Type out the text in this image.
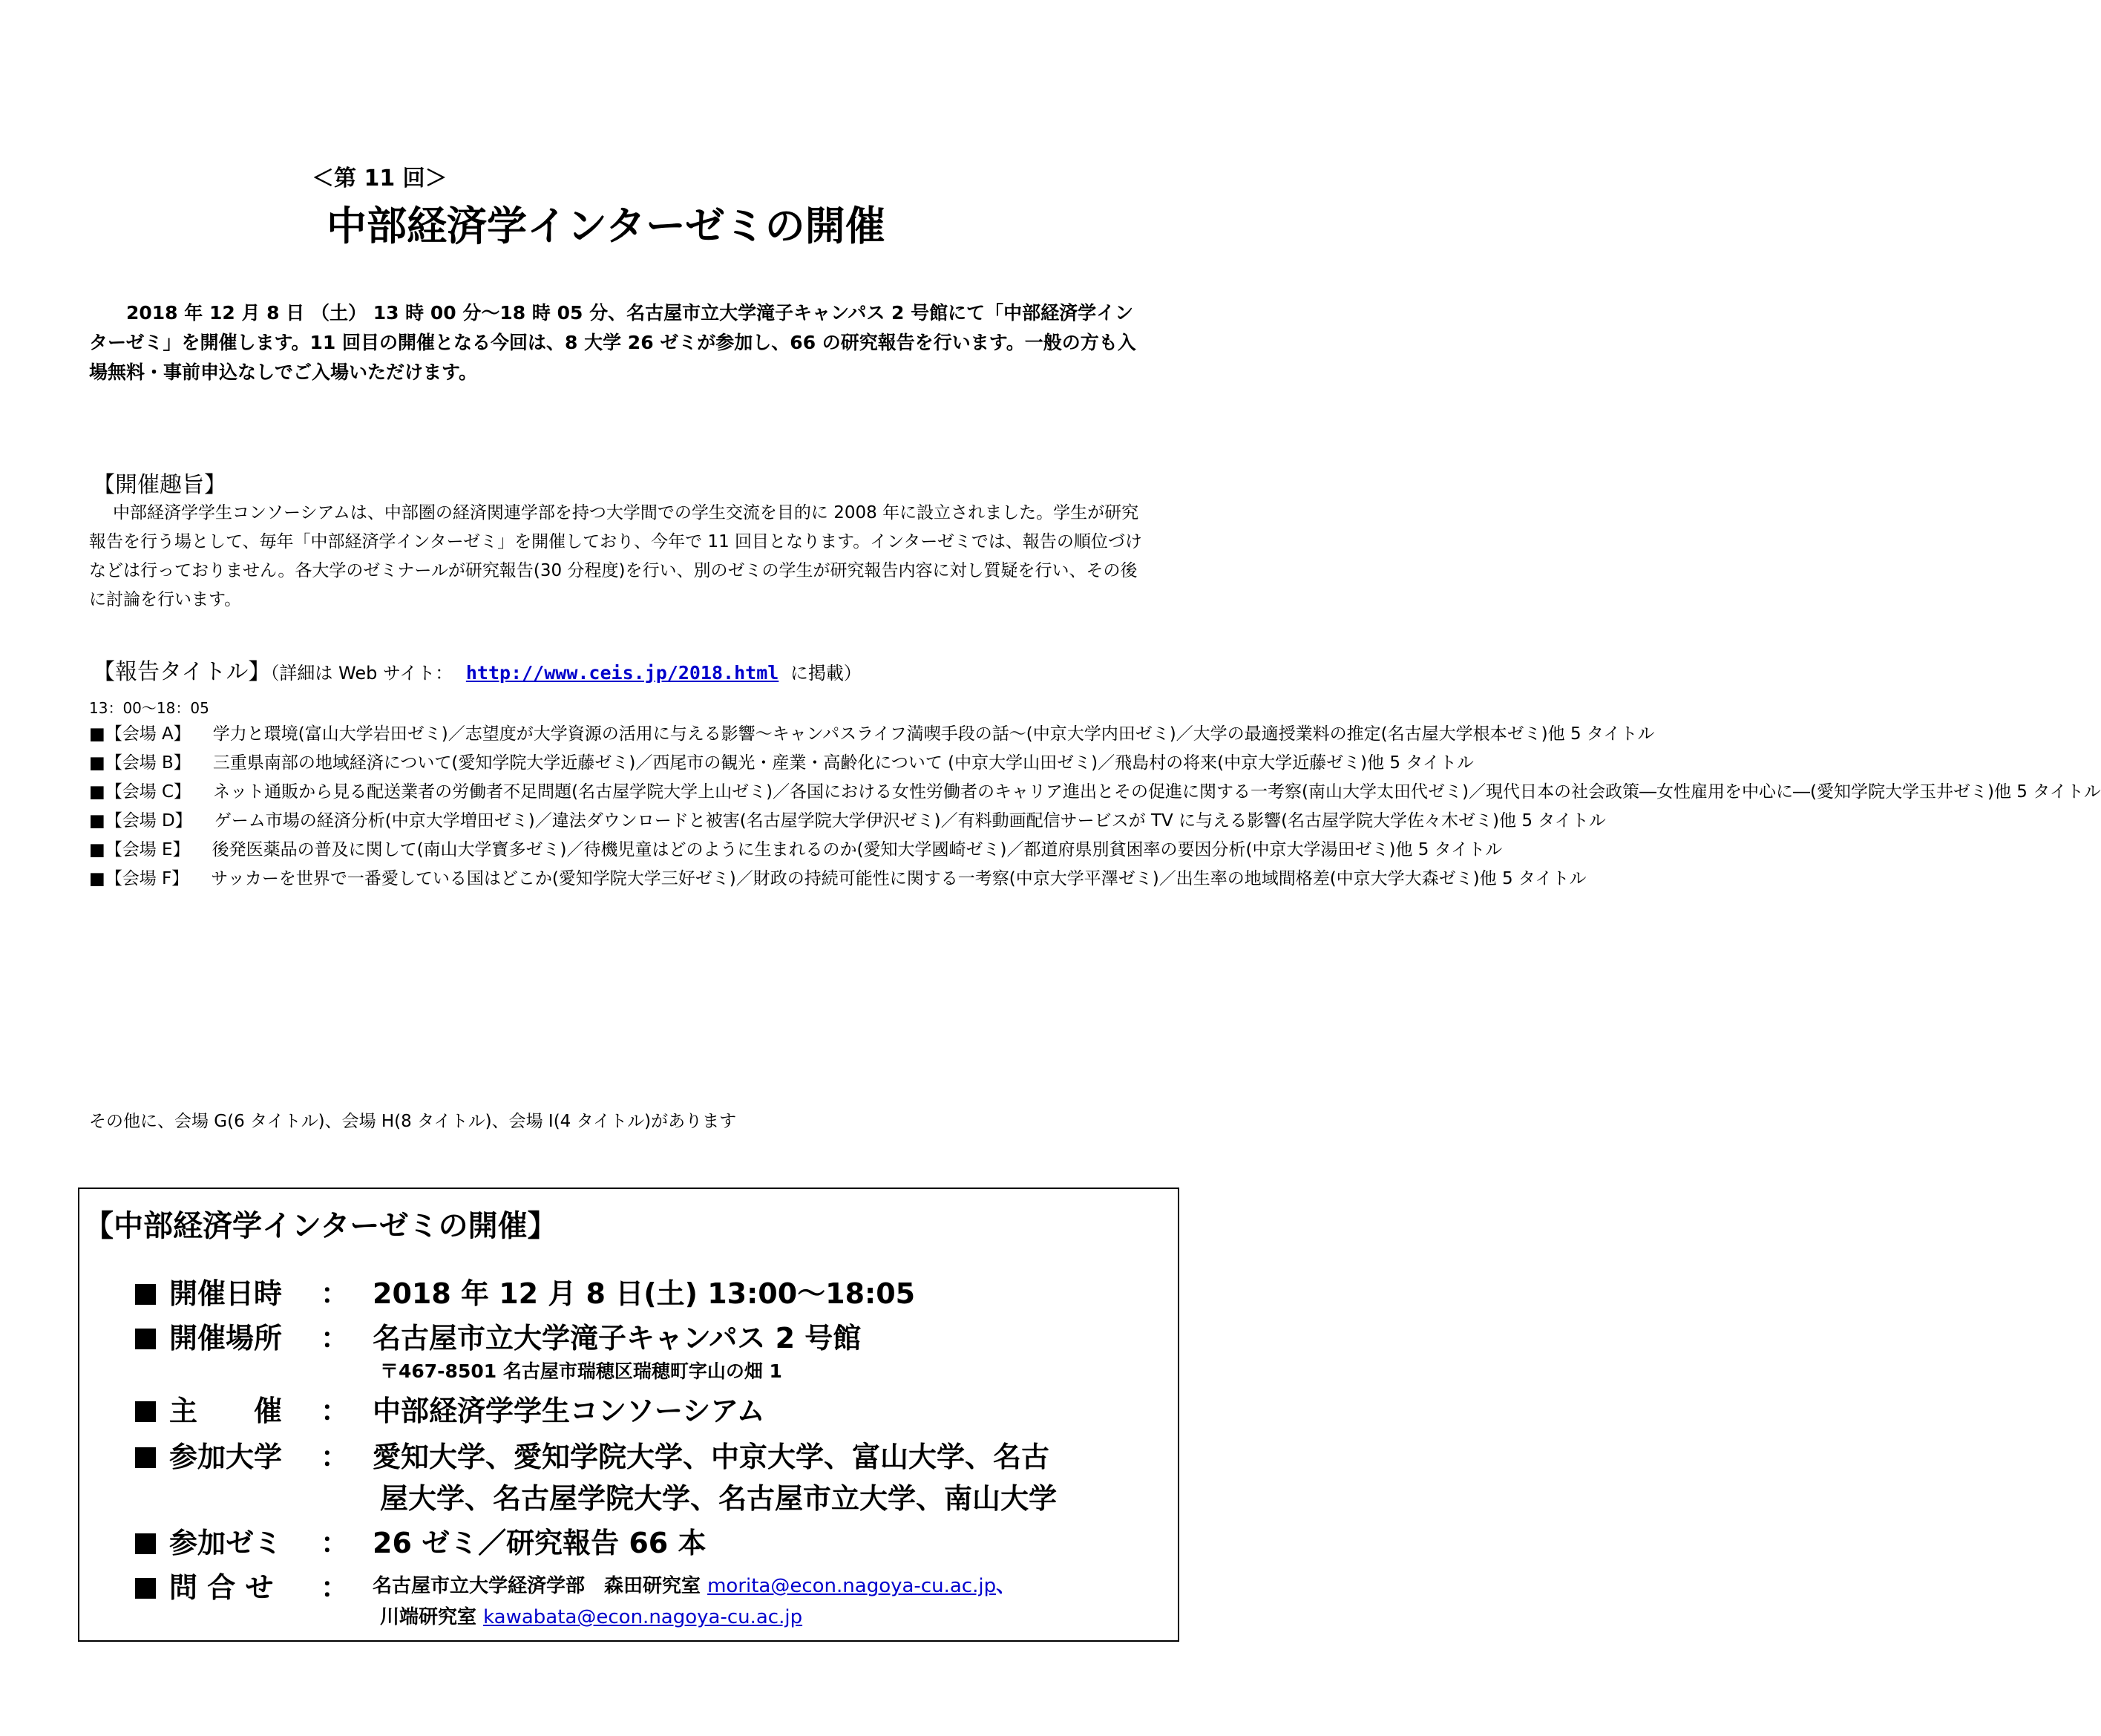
＜第 11 回＞
中部経済学インターゼミの開催
2018 年 12 月 8 日 （土） 13 時 00 分～18 時 05 分、名古屋市立大学滝子キャンパス 2 号館にて「中部経済学インターゼミ」を開催します。11 回目の開催となる今回は、8 大学 26 ゼミが参加し、66 の研究報告を行います。一般の方も入場無料・事前申込なしでご入場いただけます。
【開催趣旨】
中部経済学学生コンソーシアムは、中部圏の経済関連学部を持つ大学間での学生交流を目的に 2008 年に設立されました。学生が研究報告を行う場として、毎年「中部経済学インターゼミ」を開催しており、今年で 11 回目となります。インターゼミでは、報告の順位づけなどは行っておりません。各大学のゼミナールが研究報告(30 分程度)を行い、別のゼミの学生が研究報告内容に対し質疑を行い、その後に討論を行います。
【報告タイトル】（詳細は Web サイト： http://www.ceis.jp/2018.html に掲載）
13：00～18：05
■【会場 A】 学力と環境(富山大学岩田ゼミ)／志望度が大学資源の活用に与える影響～キャンパスライフ満喫手段の話～(中京大学内田ゼミ)／大学の最適授業料の推定(名古屋大学根本ゼミ)他 5 タイトル
■【会場 B】 三重県南部の地域経済について(愛知学院大学近藤ゼミ)／西尾市の観光・産業・高齢化について (中京大学山田ゼミ)／飛島村の将来(中京大学近藤ゼミ)他 5 タイトル
■【会場 C】 ネット通販から見る配送業者の労働者不足問題(名古屋学院大学上山ゼミ)／各国における女性労働者のキャリア進出とその促進に関する一考察(南山大学太田代ゼミ)／現代日本の社会政策―女性雇用を中心に―(愛知学院大学玉井ゼミ)他 5 タイトル
■【会場 D】 ゲーム市場の経済分析(中京大学増田ゼミ)／違法ダウンロードと被害(名古屋学院大学伊沢ゼミ)／有料動画配信サービスが TV に与える影響(名古屋学院大学佐々木ゼミ)他 5 タイトル
■【会場 E】 後発医薬品の普及に関して(南山大学寳多ゼミ)／待機児童はどのように生まれるのか(愛知大学國崎ゼミ)／都道府県別貧困率の要因分析(中京大学湯田ゼミ)他 5 タイトル
■【会場 F】 サッカーを世界で一番愛している国はどこか(愛知学院大学三好ゼミ)／財政の持続可能性に関する一考察(中京大学平澤ゼミ)／出生率の地域間格差(中京大学大森ゼミ)他 5 タイトル
その他に、会場 G(6 タイトル)、会場 H(8 タイトル)、会場 I(4 タイトル)があります
【中部経済学インターゼミの開催】
開催日時 ： 2018 年 12 月 8 日(土) 13:00～18:05
開催場所 ： 名古屋市立大学滝子キャンパス 2 号館
〒467-8501 名古屋市瑞穂区瑞穂町字山の畑 1
主　　催 ： 中部経済学学生コンソーシアム
参加大学 ： 愛知大学、愛知学院大学、中京大学、富山大学、名古
屋大学、名古屋学院大学、名古屋市立大学、南山大学
参加ゼミ ： 26 ゼミ／研究報告 66 本
問 合 せ ： 名古屋市立大学経済学部　森田研究室 morita@econ.nagoya-cu.ac.jp、
川端研究室 kawabata@econ.nagoya-cu.ac.jp
